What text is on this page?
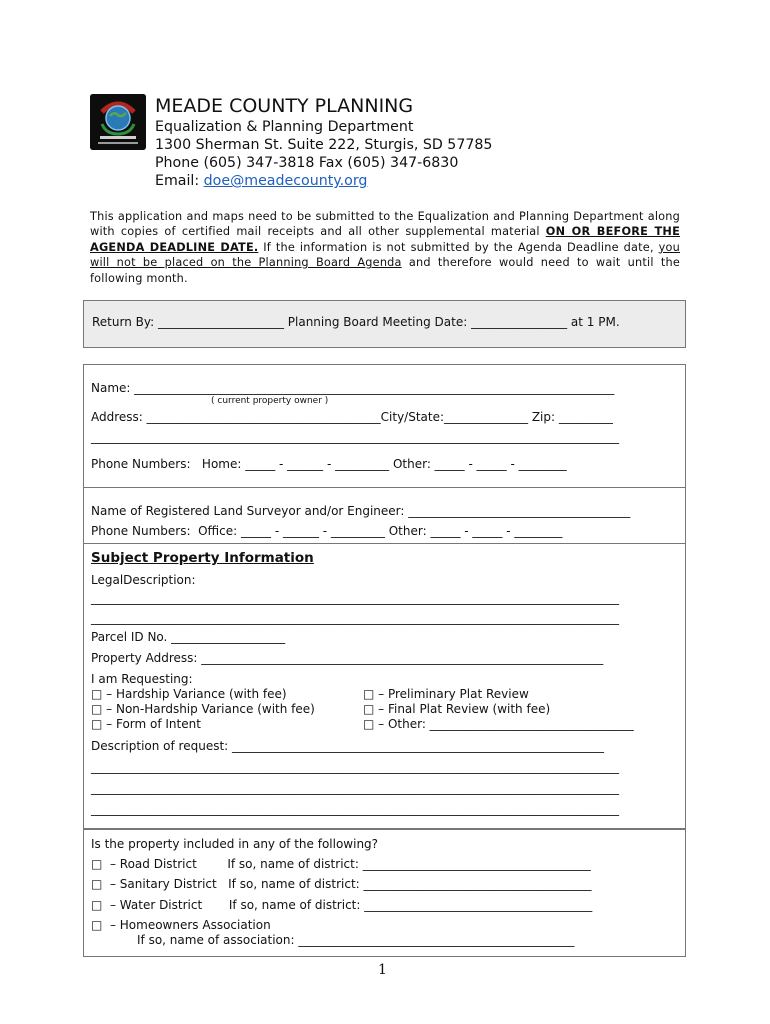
MEADE COUNTY PLANNING
Equalization & Planning Department
1300 Sherman St. Suite 222, Sturgis, SD 57785
Phone (605) 347-3818 Fax (605) 347-6830
Email: doe@meadecounty.org
This application and maps need to be submitted to the Equalization and Planning Department along with copies of certified mail receipts and all other supplemental material ON OR BEFORE THE AGENDA DEADLINE DATE. If the information is not submitted by the Agenda Deadline date, you will not be placed on the Planning Board Agenda and therefore would need to wait until the following month.
Return By: _____________________ Planning Board Meeting Date: ________________ at 1 PM.
Name: ________________________________________________________________________________
( current property owner )
Address: _______________________________________City/State:______________ Zip: _________
________________________________________________________________________________________
Phone Numbers:   Home: _____ - ______ - _________ Other: _____ - _____ - ________
Name of Registered Land Surveyor and/or Engineer: _____________________________________
Phone Numbers:  Office: _____ - ______ - _________ Other: _____ - _____ - ________
Subject Property Information
LegalDescription:
________________________________________________________________________________________
________________________________________________________________________________________
Parcel ID No. ___________________
Property Address: ___________________________________________________________________
I am Requesting:
□ – Hardship Variance (with fee)
□ – Non-Hardship Variance (with fee)
□ – Form of Intent
□ – Preliminary Plat Review
□ – Final Plat Review (with fee)
□ – Other: __________________________________
Description of request: ______________________________________________________________
________________________________________________________________________________________
________________________________________________________________________________________
________________________________________________________________________________________
Is the property included in any of the following?
□  – Road District        If so, name of district: ______________________________________
□  – Sanitary District   If so, name of district: ______________________________________
□  – Water District       If so, name of district: ______________________________________
□  – Homeowners Association
If so, name of association: ______________________________________________
1
